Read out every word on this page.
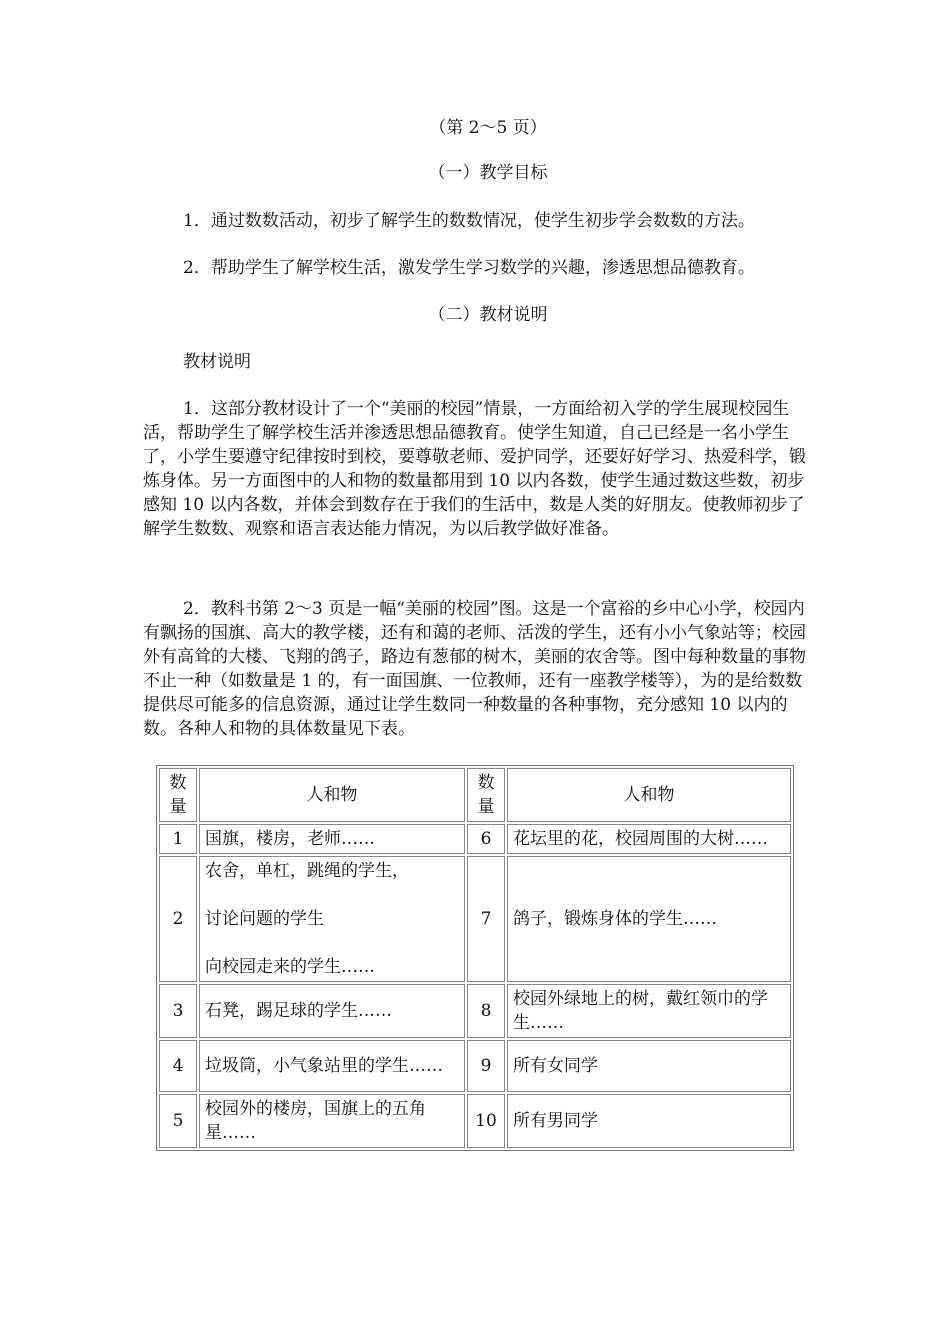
（第 2～5 页）
（一）教学目标
1．通过数数活动，初步了解学生的数数情况，使学生初步学会数数的方法。
2．帮助学生了解学校生活，激发学生学习数学的兴趣，渗透思想品德教育。
（二）教材说明
教材说明
1．这部分教材设计了一个“美丽的校园”情景，一方面给初入学的学生展现校园生活，帮助学生了解学校生活并渗透思想品德教育。使学生知道，自己已经是一名小学生了，小学生要遵守纪律按时到校，要尊敬老师、爱护同学，还要好好学习、热爱科学，锻炼身体。另一方面图中的人和物的数量都用到 10 以内各数，使学生通过数这些数，初步感知 10 以内各数，并体会到数存在于我们的生活中，数是人类的好朋友。使教师初步了解学生数数、观察和语言表达能力情况，为以后教学做好准备。
2．教科书第 2～3 页是一幅“美丽的校园”图。这是一个富裕的乡中心小学，校园内有飘扬的国旗、高大的教学楼，还有和蔼的老师、活泼的学生，还有小小气象站等；校园外有高耸的大楼、飞翔的鸽子，路边有葱郁的树木，美丽的农舍等。图中每种数量的事物不止一种（如数量是 1 的，有一面国旗、一位教师，还有一座教学楼等），为的是给数数提供尽可能多的信息资源，通过让学生数同一种数量的各种事物，充分感知 10 以内的数。各种人和物的具体数量见下表。
数量	人和物	数量	人和物
1	国旗，楼房，老师……	6	花坛里的花，校园周围的大树……
2	农舍，单杠，跳绳的学生，
讨论问题的学生
向校园走来的学生……	7	鸽子，锻炼身体的学生……
3	石凳，踢足球的学生……	8	校园外绿地上的树，戴红领巾的学生……
4	垃圾筒，小气象站里的学生……	9	所有女同学
5	校园外的楼房，国旗上的五角星……	10	所有男同学
